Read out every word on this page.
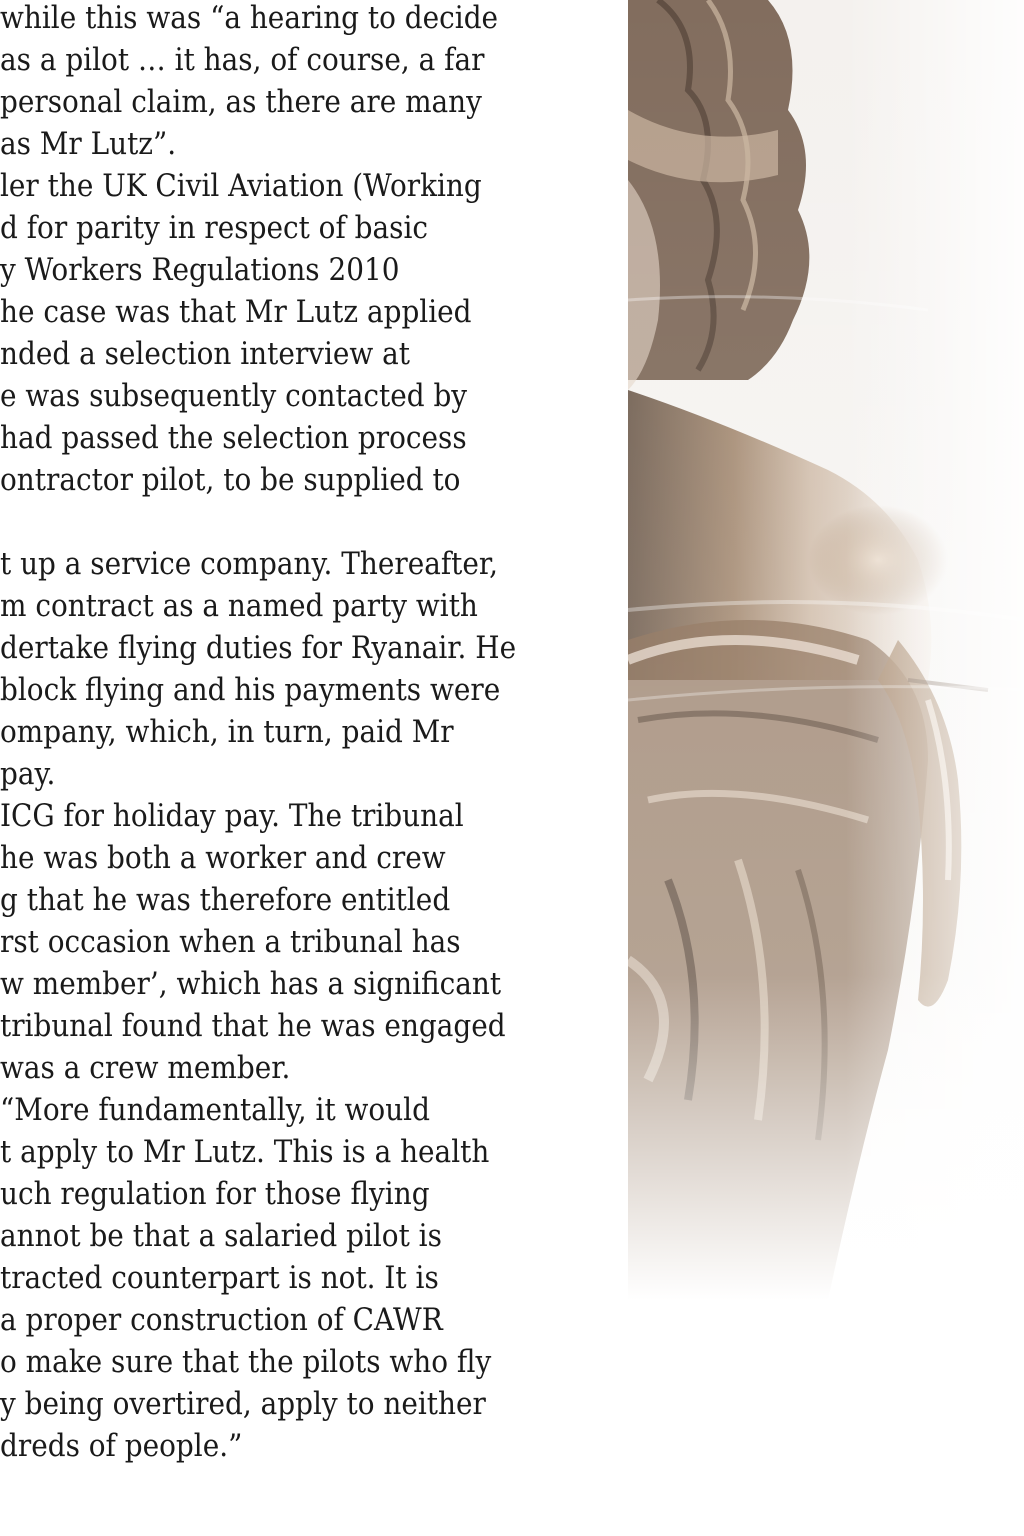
while this was “a hearing to decide
as a pilot … it has, of course, a far
personal claim, as there are many
as Mr Lutz”.
ler the UK Civil Aviation (Working
d for parity in respect of basic
y Workers Regulations 2010
he case was that Mr Lutz applied
nded a selection interview at
e was subsequently contacted by
had passed the selection process
ontractor pilot, to be supplied to
t up a service company. Thereafter,
m contract as a named party with
dertake flying duties for Ryanair. He
block flying and his payments were
ompany, which, in turn, paid Mr
pay.
ICG for holiday pay. The tribunal
he was both a worker and crew
g that he was therefore entitled
rst occasion when a tribunal has
w member’, which has a significant
tribunal found that he was engaged
was a crew member.
“More fundamentally, it would
t apply to Mr Lutz. This is a health
uch regulation for those flying
annot be that a salaried pilot is
tracted counterpart is not. It is
a proper construction of CAWR
o make sure that the pilots who fly
y being overtired, apply to neither
dreds of people.”
